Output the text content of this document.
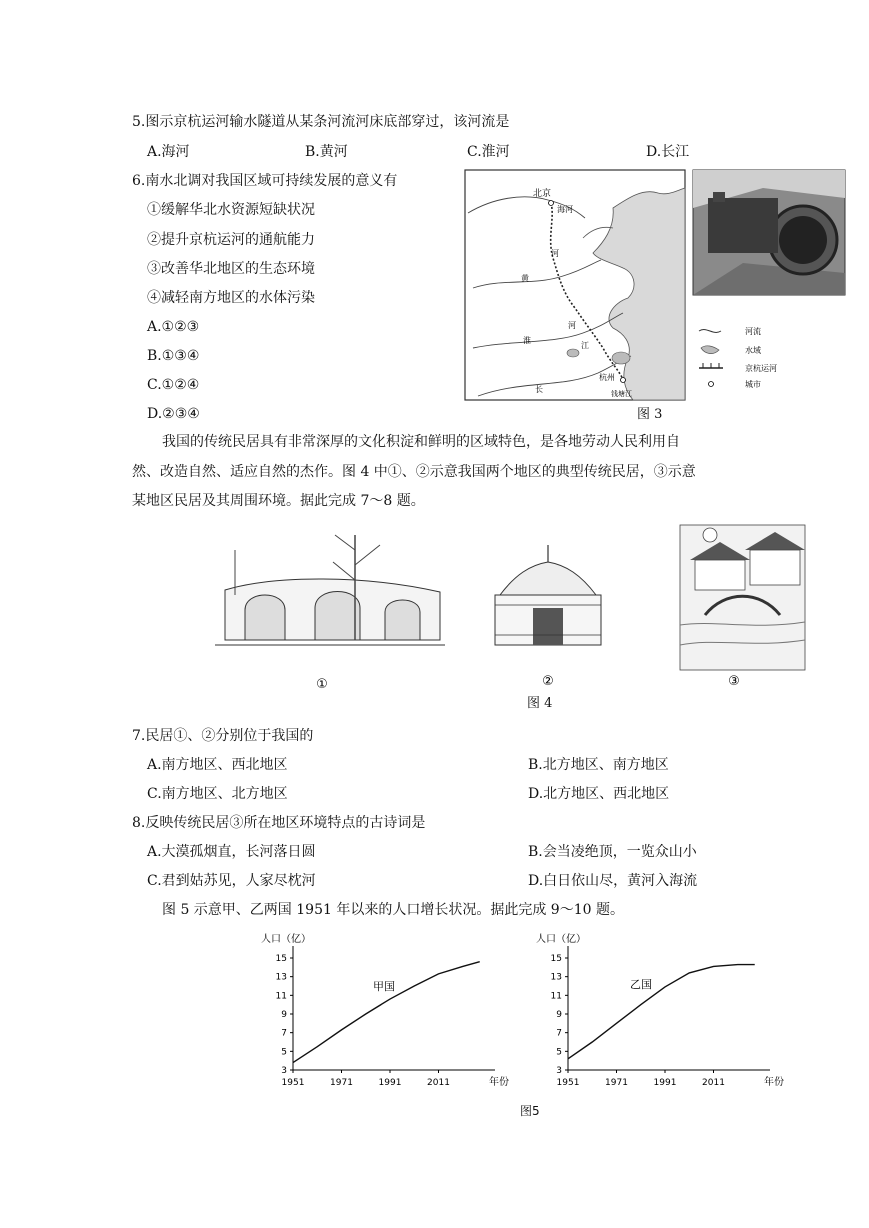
5.图示京杭运河输水隧道从某条河流河床底部穿过，该河流是
A.海河	B.黄河	C.淮河	D.长江
6.南水北调对我国区域可持续发展的意义有
①缓解华北水资源短缺状况
②提升京杭运河的通航能力
③改善华北地区的生态环境
④减轻南方地区的水体污染
A.①②③
B.①③④
C.①②④
D.②③④
北京
海河
河
黄
河
淮
江
长
杭州
钱塘江
河流
水域
京杭运河
城市
图 3
我国的传统民居具有非常深厚的文化积淀和鲜明的区域特色，是各地劳动人民利用自
然、改造自然、适应自然的杰作。图 4 中①、②示意我国两个地区的典型传统民居，③示意
某地区民居及其周围环境。据此完成 7～8 题。
①	②	③
图 4
7.民居①、②分别位于我国的
A.南方地区、西北地区	B.北方地区、南方地区
C.南方地区、北方地区	D.北方地区、西北地区
8.反映传统民居③所在地区环境特点的古诗词是
A.大漠孤烟直，长河落日圆	B.会当凌绝顶，一览众山小
C.君到姑苏见，人家尽枕河	D.白日依山尽，黄河入海流
图 5 示意甲、乙两国 1951 年以来的人口增长状况。据此完成 9～10 题。
3
5
7
9
11
13
15
1951	1971	1991	2011
人口（亿）
年份
甲国
3
5
7
9
11
13
15
1951	1971	1991	2011
人口（亿）
年份
乙国
图5
